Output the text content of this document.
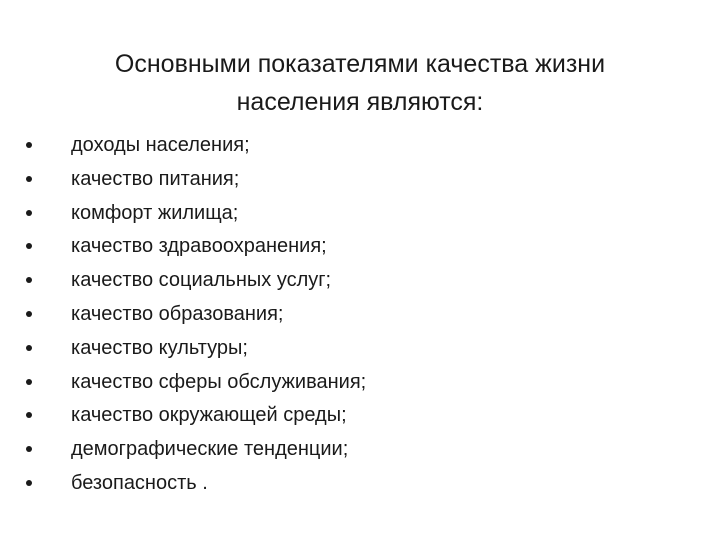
Основными показателями качества жизни
населения являются:
доходы населения;
качество питания;
комфорт жилища;
качество здравоохранения;
качество социальных услуг;
качество образования;
качество культуры;
качество сферы обслуживания;
качество окружающей среды;
демографические тенденции;
безопасность .
